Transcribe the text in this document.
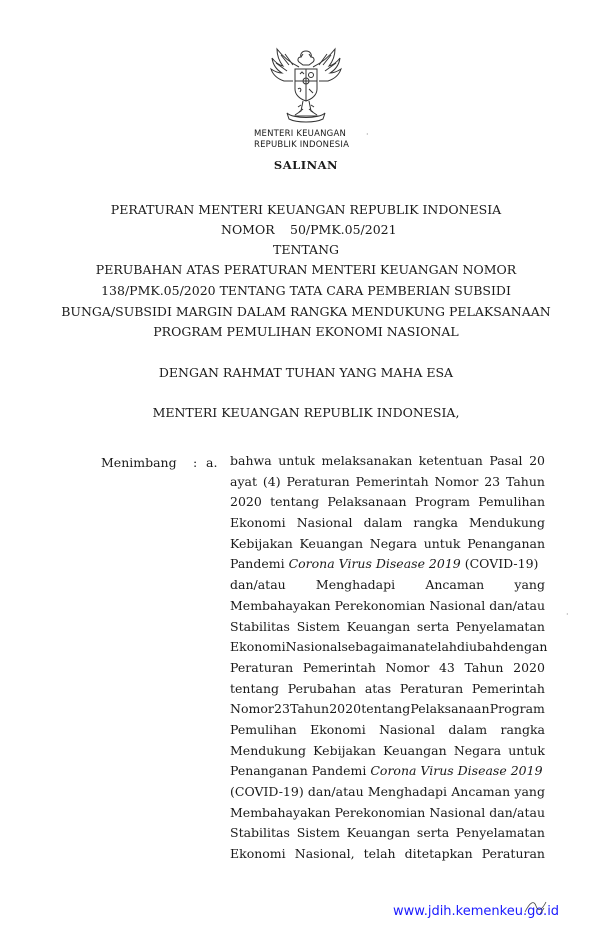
MENTERI KEUANGAN
REPUBLIK INDONESIA
SALINAN
PERATURAN MENTERI KEUANGAN REPUBLIK INDONESIA
NOMOR 50/PMK.05/2021
TENTANG
PERUBAHAN ATAS PERATURAN MENTERI KEUANGAN NOMOR
138/PMK.05/2020 TENTANG TATA CARA PEMBERIAN SUBSIDI
BUNGA/SUBSIDI MARGIN DALAM RANGKA MENDUKUNG PELAKSANAAN
PROGRAM PEMULIHAN EKONOMI NASIONAL
DENGAN RAHMAT TUHAN YANG MAHA ESA
MENTERI KEUANGAN REPUBLIK INDONESIA,
Menimbang : a. bahwa untuk melaksanakan ketentuan Pasal 20
ayat (4) Peraturan Pemerintah Nomor 23 Tahun
2020 tentang Pelaksanaan Program Pemulihan
Ekonomi Nasional dalam rangka Mendukung
Kebijakan Keuangan Negara untuk Penanganan
Pandemi Corona Virus Disease 2019 (COVID-19)
dan/atau Menghadapi Ancaman yang
Membahayakan Perekonomian Nasional dan/atau
Stabilitas Sistem Keuangan serta Penyelamatan
Ekonomi Nasional sebagaimana telah diubah dengan
Peraturan Pemerintah Nomor 43 Tahun 2020
tentang Perubahan atas Peraturan Pemerintah
Nomor 23 Tahun 2020 tentang Pelaksanaan Program
Pemulihan Ekonomi Nasional dalam rangka
Mendukung Kebijakan Keuangan Negara untuk
Penanganan Pandemi Corona Virus Disease 2019
(COVID-19) dan/atau Menghadapi Ancaman yang
Membahayakan Perekonomian Nasional dan/atau
Stabilitas Sistem Keuangan serta Penyelamatan
Ekonomi Nasional, telah ditetapkan Peraturan
www.jdih.kemenkeu.go.id
·
·
